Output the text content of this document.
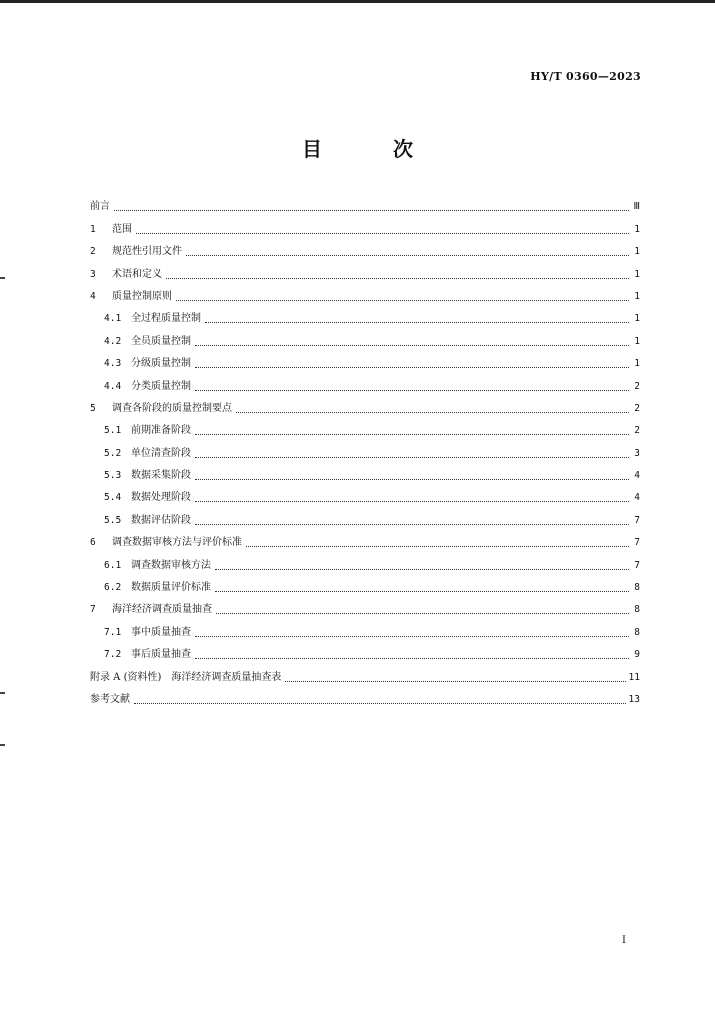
HY/T 0360—2023
目 次
前言	Ⅲ
1	范围	1
2	规范性引用文件	1
3	术语和定义	1
4	质量控制原则	1
4.1 全过程质量控制	1
4.2 全员质量控制	1
4.3 分级质量控制	1
4.4 分类质量控制	2
5	调查各阶段的质量控制要点	2
5.1 前期准备阶段	2
5.2 单位清查阶段	3
5.3 数据采集阶段	4
5.4 数据处理阶段	4
5.5 数据评估阶段	7
6	调查数据审核方法与评价标准	7
6.1 调查数据审核方法	7
6.2 数据质量评价标准	8
7	海洋经济调查质量抽查	8
7.1 事中质量抽查	8
7.2 事后质量抽查	9
附录 A (资料性)　海洋经济调查质量抽查表	11
参考文献	13
I
